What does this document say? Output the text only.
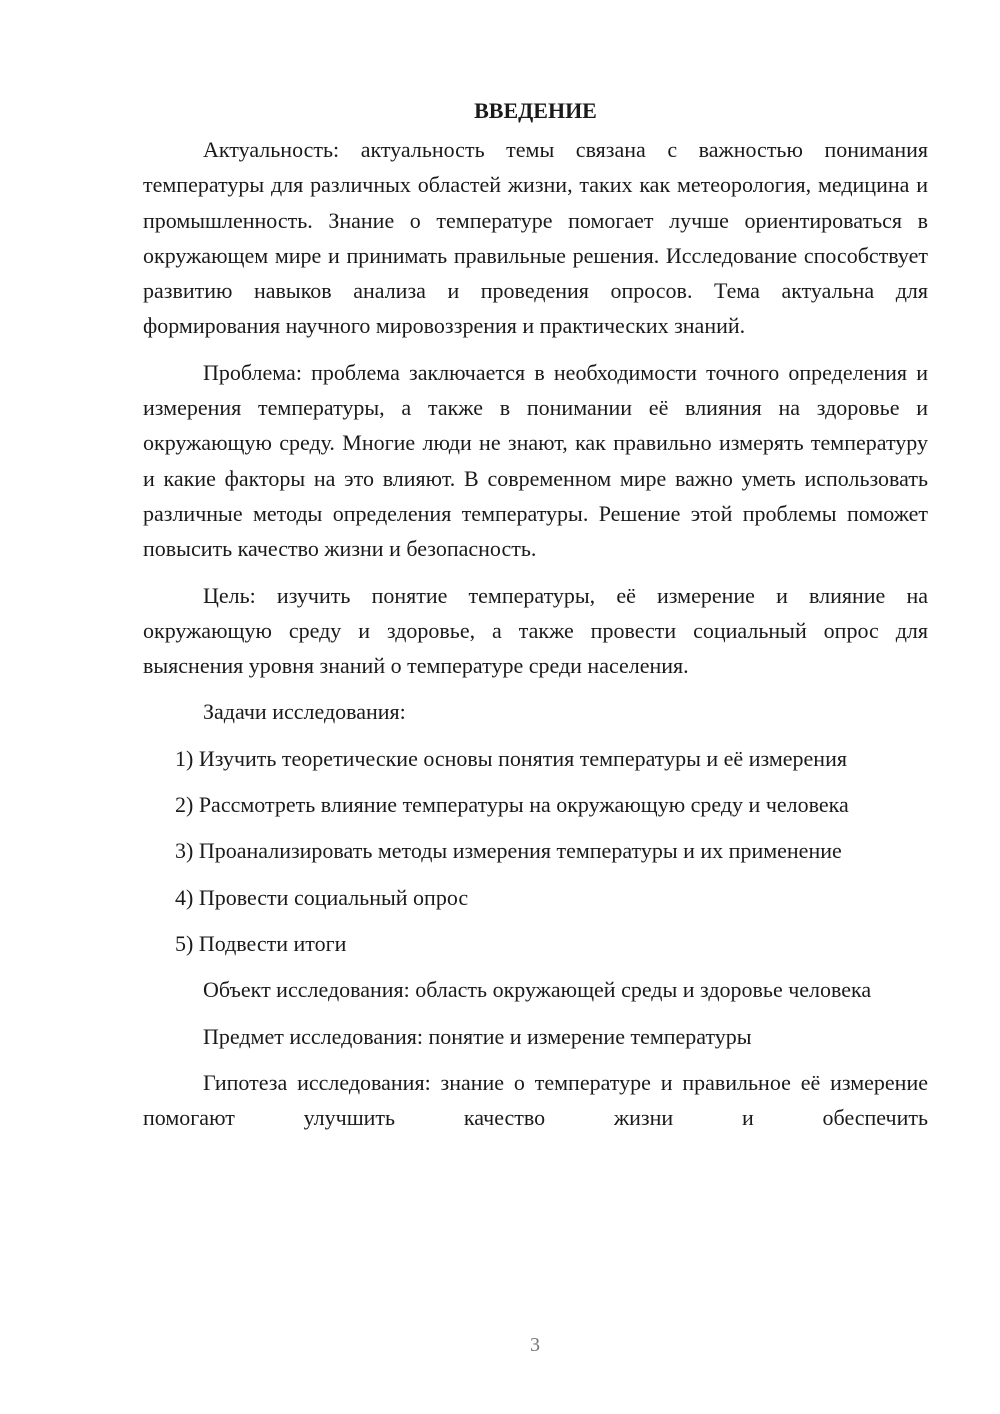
ВВЕДЕНИЕ

Актуальность: актуальность темы связана с важностью понимания температуры для различных областей жизни, таких как метеорология, медицина и промышленность. Знание о температуре помогает лучше ориентироваться в окружающем мире и принимать правильные решения. Исследование способствует развитию навыков анализа и проведения опросов. Тема актуальна для формирования научного мировоззрения и практических знаний.

Проблема: проблема заключается в необходимости точного определения и измерения температуры, а также в понимании её влияния на здоровье и окружающую среду. Многие люди не знают, как правильно измерять температуру и какие факторы на это влияют. В современном мире важно уметь использовать различные методы определения температуры. Решение этой проблемы поможет повысить качество жизни и безопасность.

Цель: изучить понятие температуры, её измерение и влияние на окружающую среду и здоровье, а также провести социальный опрос для выяснения уровня знаний о температуре среди населения.

Задачи исследования:

1) Изучить теоретические основы понятия температуры и её измерения

2) Рассмотреть влияние температуры на окружающую среду и человека

3) Проанализировать методы измерения температуры и их применение

4) Провести социальный опрос

5) Подвести итоги

Объект исследования: область окружающей среды и здоровье человека

Предмет исследования: понятие и измерение температуры

Гипотеза исследования: знание о температуре и правильное её измерение помогают улучшить качество жизни и обеспечить

3
